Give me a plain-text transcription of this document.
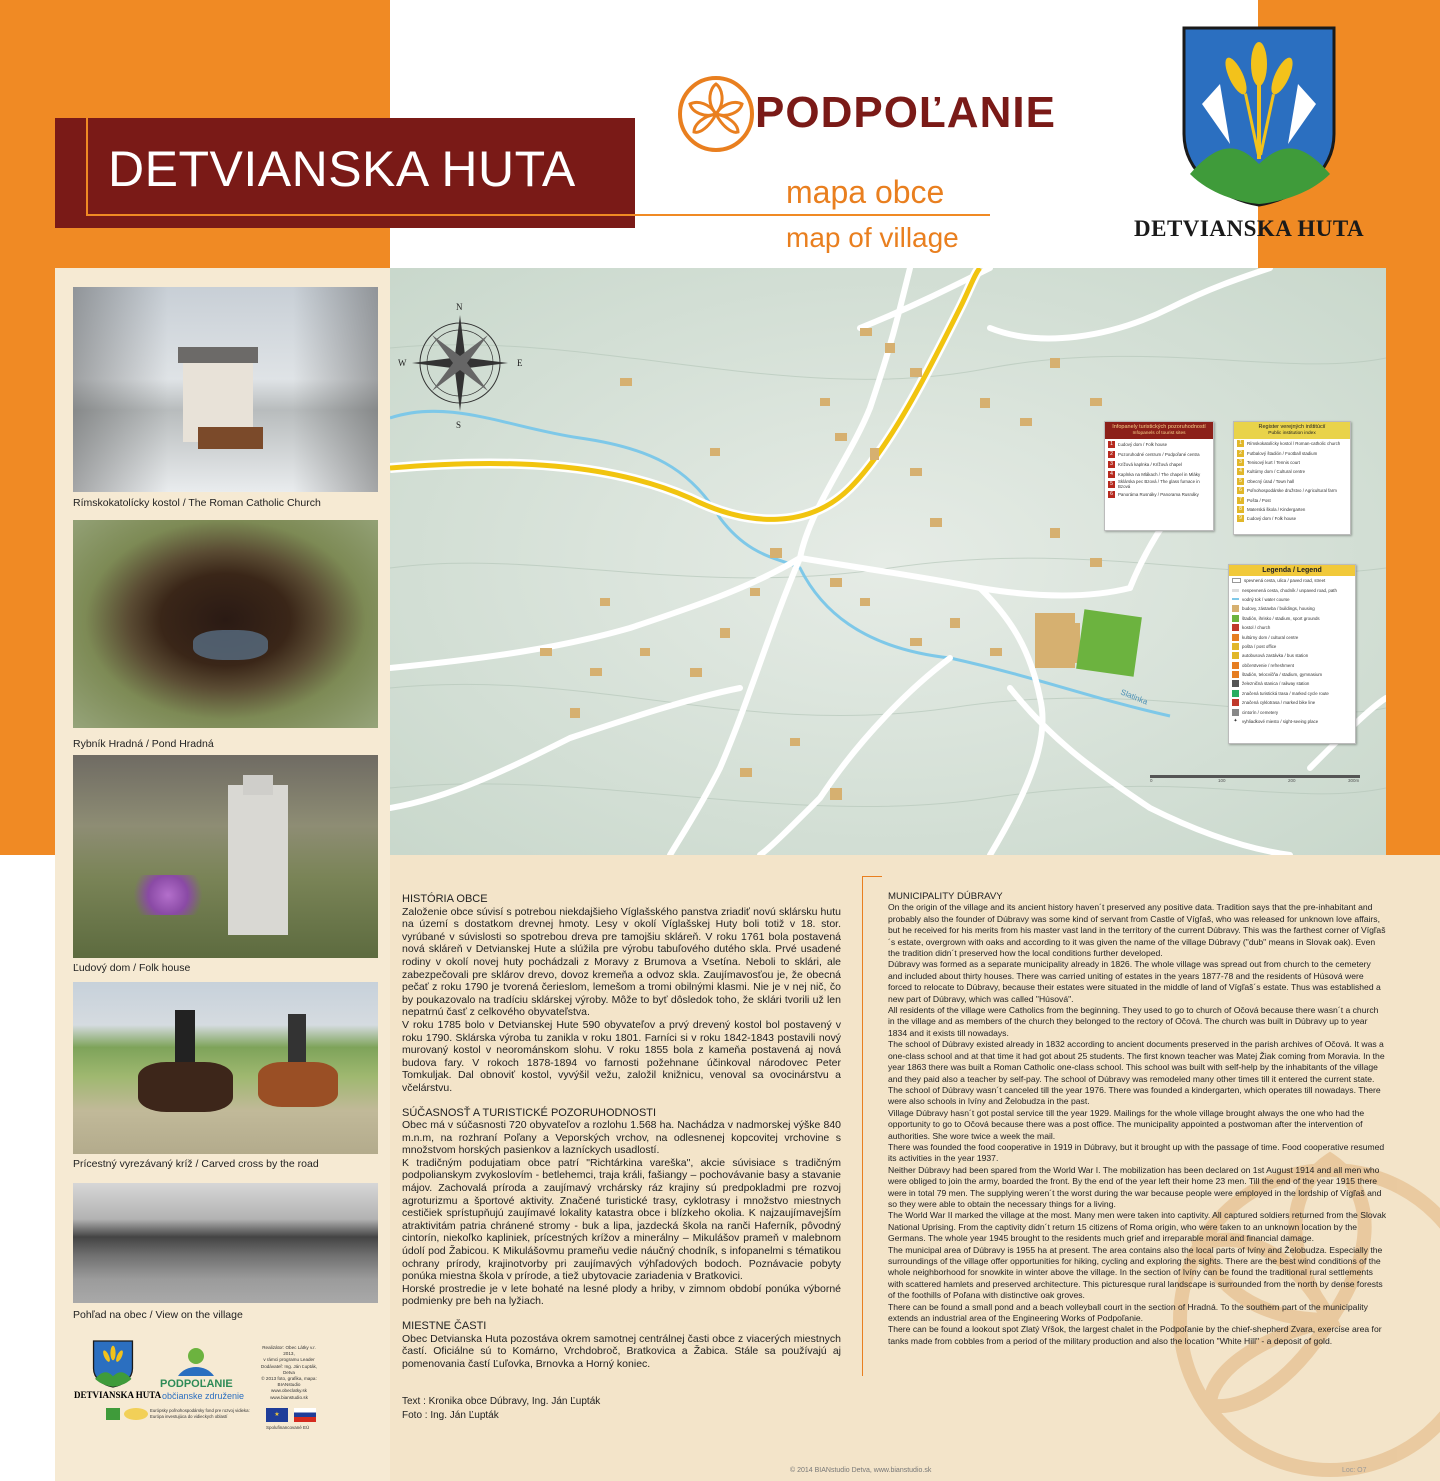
DETVIANSKA HUTA
PODPOĽANIE
mapa obce
map of village	DETVIANSKA HUTA
Rímskokatolícky kostol / The Roman Catholic Church
Rybník Hradná / Pond Hradná
Ľudový dom / Folk house
Prícestný vyrezávaný kríž / Carved cross by the road
Pohľad na obec / View on the village
N
S
E
W
Slatinka
Infopanely turistických pozoruhodností
Infopanels of tourist sites
1	Ľudový dom / Folk house
2	Pozoruhodné centrum / Podpoľané centra
3	Krížová kaplnka / Krížová chapel
4	Kaplnka na Mlákach / The chapel in Mláky
5	Sklárska pec Bzová / The glass furnace in Bzová
6	Panoráma Rusnáky / Panorama Rusnáky
Register verejných inštitúcií
Public institution index
1	Rímskokatolícky kostol / Roman-catholic church
2	Futbalový štadión / Football stadium
3	Tenisový kurt / Tennis court
4	Kultúrny dom / Cultural centre
5	Obecný úrad / Town hall
6	Poľnohospodárske družstvo / Agricultural farm
7	Pošta / Post
8	Materská škola / Kindergarten
9	Ľudový dom / Folk house
Legenda / Legend
spevnená cesta, ulica / paved road, street
nespevnená cesta, chodník / unpaved road, path
vodný tok / water course
budovy, zástavba / buildings, housing
štadión, ihrisko / stadium, sport grounds
kostol / church
kultúrny dom / cultural centre
pošta / post office
autobusová zastávka / bus station
občerstvenie / refreshment
štadión, telocvičňa / stadium, gymnasium
železničná stanica / railway station
značená turistická trasa / marked cycle route
značená cyklotrasa / marked bike line
cintorín / cemetery
✦	vyhliadkové miesto / sight-seeing place
0	100	200	300m
HISTÓRIA OBCE

Založenie obce súvisí s potrebou niekdajšieho Víglašského panstva zriadiť novú sklársku hutu na území s dostatkom drevnej hmoty. Lesy v okolí Víglašskej Huty boli totiž v 18. stor. vyrúbané v súvislosti so spotrebou dreva pre tamojšiu skláreň. V roku 1761 bola postavená nová skláreň v Detvianskej Hute a slúžila pre výrobu tabuľového dutého skla. Prvé usadené rodiny v okolí novej huty pochádzali z Moravy z Brumova a Vsetína. Neboli to sklári, ale zabezpečovali pre sklárov drevo, dovoz kremeňa a odvoz skla. Zaujímavosťou je, že obecná pečať z roku 1790 je tvorená čerieslom, lemešom a tromi obilnými klasmi. Nie je v nej nič, čo by poukazovalo na tradíciu sklárskej výroby. Môže to byť dôsledok toho, že sklári tvorili už len nepatrnú časť z celkového obyvateľstva.

V roku 1785 bolo v Detvianskej Hute 590 obyvateľov a prvý drevený kostol bol postavený v roku 1790. Sklárska výroba tu zanikla v roku 1801. Farníci si v roku 1842-1843 postavili nový murovaný kostol v neorománskom slohu. V roku 1855 bola z kameňa postavená aj nová budova fary. V rokoch 1878-1894 vo farnosti požehnane účinkoval národovec Peter Tomkuljak. Dal obnoviť kostol, vyvýšil vežu, založil knižnicu, venoval sa ovocinárstvu a včelárstvu.

SÚČASNOSŤ A TURISTICKÉ POZORUHODNOSTI

Obec má v súčasnosti 720 obyvateľov a rozlohu 1.568 ha. Nachádza v nadmorskej výške 840 m.n.m, na rozhraní Poľany a Veporských vrchov, na odlesnenej kopcovitej vrchovine s množstvom horských pasienkov a lazníckych usadlostí.

K tradičným podujatiam obce patrí "Richtárkina vareška", akcie súvisiace s tradičným podpolianskym zvykoslovím - betlehemci, traja králi, fašiangy – pochovávanie basy a stavanie májov. Zachovalá príroda a zaujímavý vrchársky ráz krajiny sú predpokladmi pre rozvoj agroturizmu a športové aktivity. Značené turistické trasy, cyklotrasy i množstvo miestnych cestičiek sprístupňujú zaujímavé lokality katastra obce i blízkeho okolia. K najzaujímavejším atraktivitám patria chránené stromy - buk a lipa, jazdecká škola na ranči Haferník, pôvodný cintorín, niekoľko kapliniek, prícestných krížov a minerálny – Mikulášov prameň v malebnom údolí pod Žabicou. K Mikulášovmu prameňu vedie náučný chodník, s infopanelmi s tématikou ochrany prírody, krajinotvorby pri zaujímavých výhľadových bodoch. Poznávacie pobyty ponúka miestna škola v prírode, a tiež ubytovacie zariadenia v Bratkovici.

Horské prostredie je v lete bohaté na lesné plody a hriby, v zimnom období ponúka výborné podmienky pre beh na lyžiach.

MIESTNE ČASTI

Obec Detvianska Huta pozostáva okrem samotnej centrálnej časti obce z viacerých miestnych častí. Oficiálne sú to Komárno, Vrchdobroč, Bratkovica a Žabica. Stále sa používajú aj pomenovania častí Ľuľovka, Brnovka a Horný koniec.

Text : Kronika obce Dúbravy, Ing. Ján Ľupták
Foto : Ing. Ján Ľupták
MUNICIPALITY DÚBRAVY

On the origin of the village and its ancient history haven´t preserved any positive data. Tradition says that the pre-inhabitant and probably also the founder of Dúbravy was some kind of servant from Castle of Vígľaš, who was released for unknown love affairs, but he received for his merits from his master vast land in the territory of the current Dúbravy. This was the farthest corner of Vígľaš´s estate, overgrown with oaks and according to it was given the name of the village Dúbravy ("dub" means in Slovak oak). Even the tradition didn´t preserved how the local conditions further developed.

Dúbravy was formed as a separate municipality already in 1826. The whole village was spread out from church to the cemetery and included about thirty houses. There was carried uniting of estates in the years 1877-78 and the residents of Húsová were forced to relocate to Dúbravy, because their estates were situated in the middle of land of Vígľaš´s estate. Thus was established a new part of Dúbravy, which was called "Húsová".

All residents of the village were Catholics from the beginning. They used to go to church of Očová because there wasn´t a church in the village and as members of the church they belonged to the rectory of Očová. The church was built in Dúbravy up to year 1834 and it exists till nowadays.

The school of Dúbravy existed already in 1832 according to ancient documents preserved in the parish archives of Očová. It was a one-class school and at that time it had got about 25 students. The first known teacher was Matej Žiak coming from Moravia. In the year 1863 there was built a Roman Catholic one-class school. This school was built with self-help by the inhabitants of the village and they paid also a teacher by self-pay. The school of Dúbravy was remodeled many other times till it entered the current state. The school of Dúbravy wasn´t canceled till the year 1976. There was founded a kindergarten, which operates till nowadays. There were also schools in Ivíny and Želobudza in the past.

Village Dúbravy hasn´t got postal service till the year 1929. Mailings for the whole village brought always the one who had the opportunity to go to Očová because there was a post office. The municipality appointed a postwoman after the intervention of authorities. She wore twice a week the mail.

There was founded the food cooperative in 1919 in Dúbravy, but it brought up with the passage of time. Food cooperative resumed its activities in the year 1937.

Neither Dúbravy had been spared from the World War I. The mobilization has been declared on 1st August 1914 and all men who were obliged to join the army, boarded the front. By the end of the year left their home 23 men. Till the end of the year 1915 there were in total 79 men. The supplying weren´t the worst during the war because people were employed in the lordship of Vígľaš and so they were able to obtain the necessary things for a living.

The World War II marked the village at the most. Many men were taken into captivity. All captured soldiers returned from the Slovak National Uprising. From the captivity didn´t return 15 citizens of Roma origin, who were taken to an unknown location by the Germans. The whole year 1945 brought to the residents much grief and irreparable moral and financial damage.

The municipal area of Dúbravy is 1955 ha at present. The area contains also the local parts of Ivíny and Želobudza. Especially the surroundings of the village offer opportunities for hiking, cycling and exploring the sights. There are the best wind conditions of the whole neighborhood for snowkite in winter above the village. In the section of Ivíny can be found the traditional rural settlements with scattered hamlets and preserved architecture. This picturesque rural landscape is surrounded from the north by dense forests of the foothills of Poľana with distinctive oak groves.

There can be found a small pond and a beach volleyball court in the section of Hradná. To the southern part of the municipality extends an industrial area of the Engineering Works of Podpoľanie.

There can be found a lookout spot Zlatý Vŕšok, the largest chalet in the Podpoľanie by the chief-shepherd Zvara, exercise area for tanks made from cobbles from a period of the military production and also the location "White Hill" - a deposit of gold.

DETVIANSKA HUTA
PODPOĽANIE
občianske združenie
Realizátor: Obec Látky v.r. 2013,
v rámci programu Leader
Dodávateľ: Ing. Ján Ľupták, Detva
© 2013 foto, grafika, mapa: BIANstudio
www.obeclatky.sk
www.bianstudio.sk
Európsky poľnohospodársky fond pre rozvoj vidieka:
Európa investujúca do vidieckych oblastí	★
Spolufinancované EÚ
© 2014 BIANstudio Detva, www.bianstudio.sk	Loc: O7
